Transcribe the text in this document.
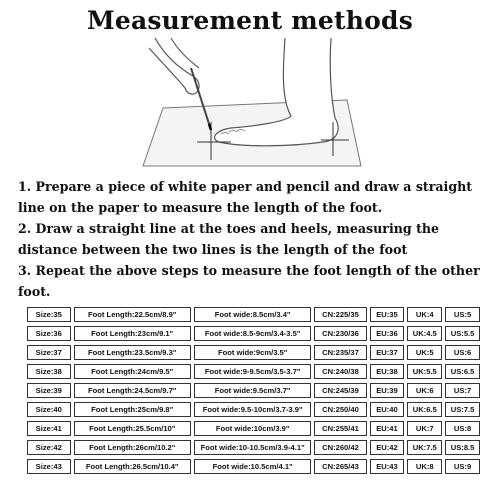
Measurement methods

1. Prepare a piece of white paper and pencil and draw a straight line on the paper to measure the length of the foot.

2. Draw a straight line at the toes and heels, measuring the distance between the two lines is the length of the foot

3. Repeat the above steps to measure the foot length of the other foot.

Size:35	Foot Length:22.5cm/8.9"	Foot wide:8.5cm/3.4"	CN:225/35	EU:35	UK:4	US:5
Size:36	Foot Length:23cm/9.1"	Foot wide:8.5-9cm/3.4-3.5"	CN:230/36	EU:36	UK:4.5	US:5.5
Size:37	Foot Length:23.5cm/9.3"	Foot wide:9cm/3.5"	CN:235/37	EU:37	UK:5	US:6
Size:38	Foot Length:24cm/9.5"	Foot wide:9-9.5cm/3.5-3.7"	CN:240/38	EU:38	UK:5.5	US:6.5
Size:39	Foot Length:24.5cm/9.7"	Foot wide:9.5cm/3.7"	CN:245/39	EU:39	UK:6	US:7
Size:40	Foot Length:25cm/9.8"	Foot wide:9.5-10cm/3.7-3.9"	CN:250/40	EU:40	UK:6.5	US:7.5
Size:41	Foot Length:25.5cm/10"	Foot wide:10cm/3.9"	CN:255/41	EU:41	UK:7	US:8
Size:42	Foot Length:26cm/10.2"	Foot wide:10-10.5cm/3.9-4.1"	CN:260/42	EU:42	UK:7.5	US:8.5
Size:43	Foot Length:26.5cm/10.4"	Foot wide:10.5cm/4.1"	CN:265/43	EU:43	UK:8	US:9
